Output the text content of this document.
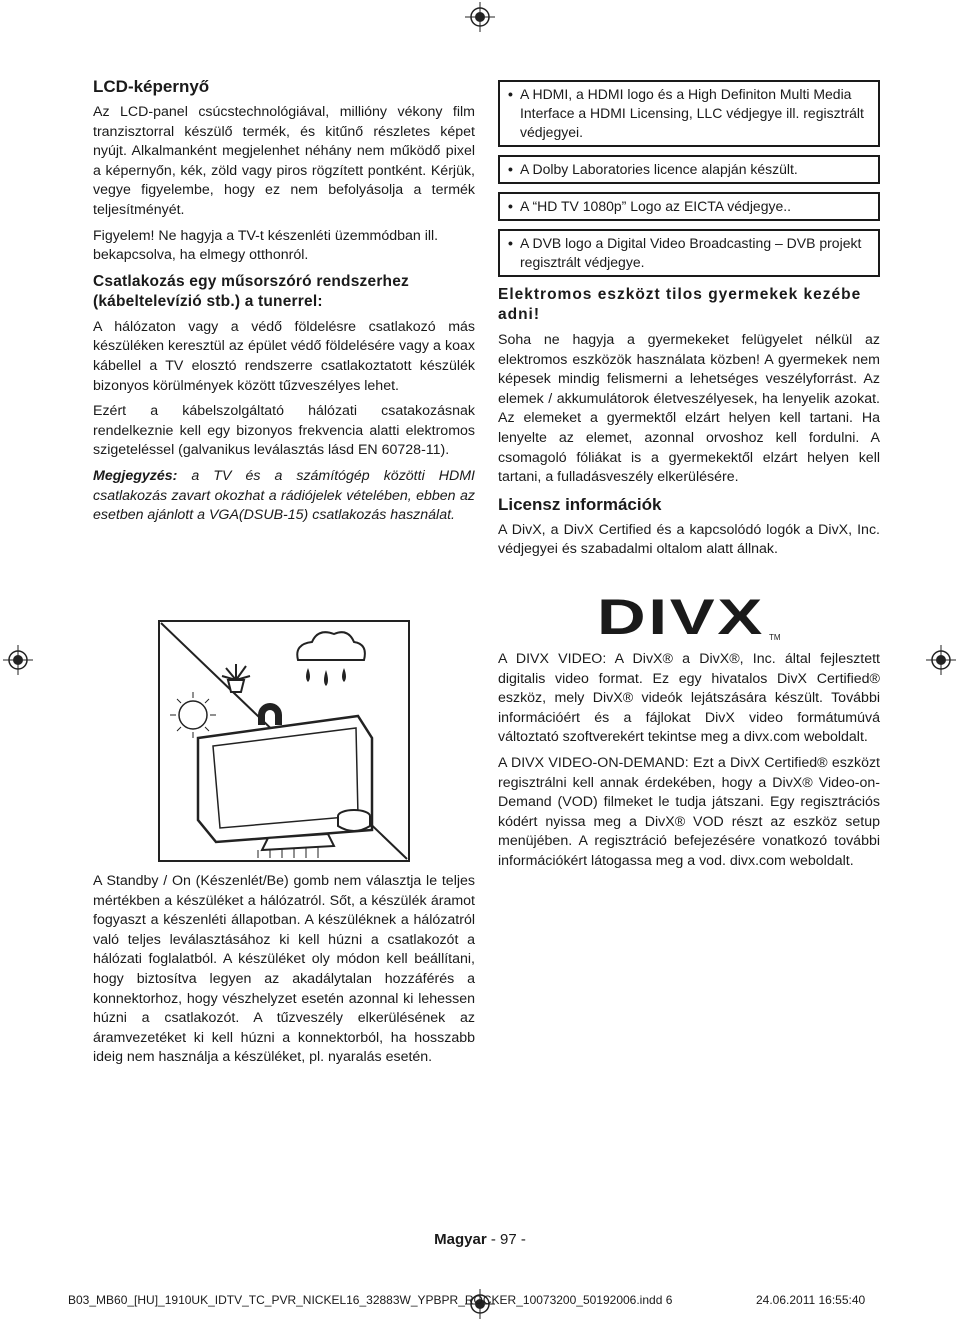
LCD-képernyő

Az LCD-panel csúcstechnológiával, millióny vékony film tranzisztorral készülő termék, és kitűnő részletes képet nyújt. Alkalmanként megjelenhet néhány nem működő pixel a képernyőn, kék, zöld vagy piros rögzített pontként. Kérjük, vegye figyelembe, hogy ez nem befolyásolja a termék teljesítményét.

Figyelem! Ne hagyja a TV-t készenléti üzemmódban ill. bekapcsolva, ha elmegy otthonról.

Csatlakozás egy műsorszóró rendszerhez (kábeltelevízió stb.) a tunerrel:

A hálózaton vagy a védő földelésre csatlakozó más készüléken keresztül az épület védő földelésére vagy a koax kábellel a TV elosztó rendszerre csatlakoztatott készülék bizonyos körülmények között tűzveszélyes lehet.

Ezért a kábelszolgáltató hálózati csatakozásnak rendelkeznie kell egy bizonyos frekvencia alatti elektromos szigeteléssel (galvanikus leválasztás lásd EN 60728-11).

Megjegyzés: a TV és a számítógép közötti HDMI csatlakozás zavart okozhat a rádiójelek vételében, ebben az esetben ajánlott a VGA(DSUB-15) csatlakozás használat.

A Standby / On (Készenlét/Be) gomb nem választja le teljes mértékben a készüléket a hálózatról. Sőt, a készülék áramot fogyaszt a készenléti állapotban. A készüléknek a hálózatról való teljes leválasztásához ki kell húzni a csatlakozót a hálózati foglalatból. A készüléket oly módon kell beállítani, hogy biztosítva legyen az akadálytalan hozzáférés a konnektorhoz, hogy vészhelyzet esetén azonnal ki lehessen húzni a csatlakozót. A tűzveszély elkerülésének az áramvezetéket ki kell húzni a konnektorból, ha hosszabb ideig nem használja a készüléket, pl. nyaralás esetén.

• A HDMI, a HDMI logo és a High Definiton Multi Media Interface a HDMI Licensing, LLC védjegye ill. regisztrált védjegyei.
• A Dolby Laboratories licence alapján készült.
• A “HD TV 1080p” Logo az EICTA védjegye..
• A DVB logo a Digital Video Broadcasting – DVB projekt regisztrált védjegye.
Elektromos eszközt tilos gyermekek kezébe adni!

Soha ne hagyja a gyermekeket felügyelet nélkül az elektromos eszközök használata közben! A gyermekek nem képesek mindig felismerni a lehetséges veszélyforrást. Az elemek / akkumulátorok életveszélyesek, ha lenyelik azokat. Az elemeket a gyermektől elzárt helyen kell tartani. Ha lenyelte az elemet, azonnal orvoshoz kell fordulni. A csomagoló fóliákat is a gyermekektől elzárt helyen kell tartani, a fulladásveszély elkerülésére.

Licensz információk

A DivX, a DivX Certified és a kapcsolódó logók a DivX, Inc. védjegyei és szabadalmi oltalom alatt állnak.

DIVX TM

A DIVX VIDEO: A DivX® a DivX®, Inc. által fejlesztett digitalis video format. Ez egy hivatalos DivX Certified® eszköz, mely DivX® videók lejátszására készült. További információért és a fájlokat DivX video formátumúvá változtató szoftverekért tekintse meg a divx.com weboldalt.

A DIVX VIDEO-ON-DEMAND: Ezt a DivX Certified® eszközt regisztrálni kell annak érdekében, hogy a DivX® Video-on-Demand (VOD) filmeket le tudja játszani. Egy regisztrációs kódért nyissa meg a DivX® VOD részt az eszköz setup menüjében. A regisztráció befejezésére vonatkozó további információkért látogassa meg a vod. divx.com weboldalt.

Magyar - 97 -
B03_MB60_[HU]_1910UK_IDTV_TC_PVR_NICKEL16_32883W_YPBPR_ROCKER_10073200_50192006.indd 6	24.06.2011 16:55:40
